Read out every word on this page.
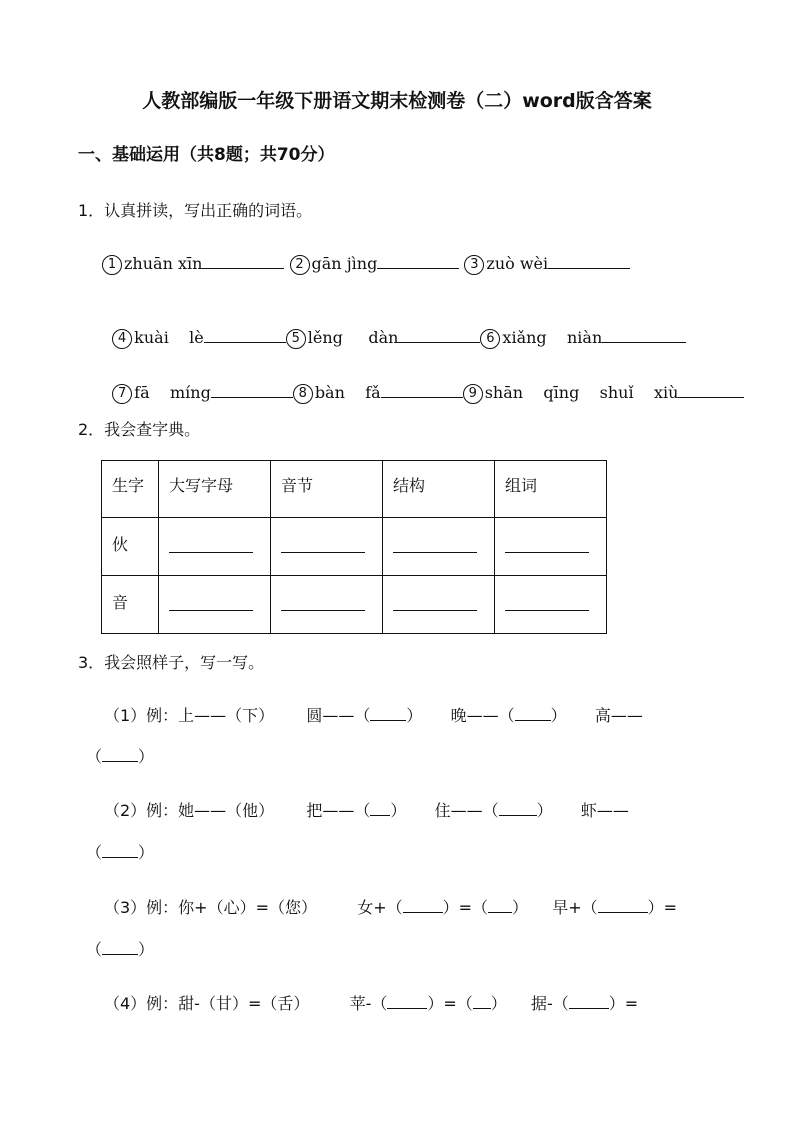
人教部编版一年级下册语文期末检测卷（二）word版含答案
一、基础运用（共8题；共70分）
1．认真拼读，写出正确的词语。
1 zhuān xīn	2 gān jìng	3 zuò wèi

4 kuài    lè	5 lěng     dàn	6 xiǎng    niàn

7 fā    míng	8 bàn    fǎ	9 shān    qīng    shuǐ    xiù

2．我会查字典。
生字	大写字母	音节	结构	组词
伙				
音				
3．我会照样子，写一写。
（1）例：上——（下） 圆——（ ） 晚——（ ） 高——
（ ）
（2）例：她——（他） 把——（ ） 住——（ ） 虾——
（ ）
（3）例：你+（心）=（您）	女+（	）=（ ） 早+（	）=
（ ）
（4）例：甜-（甘）=（舌）	苹-（	）=（ ） 据-（	）=
